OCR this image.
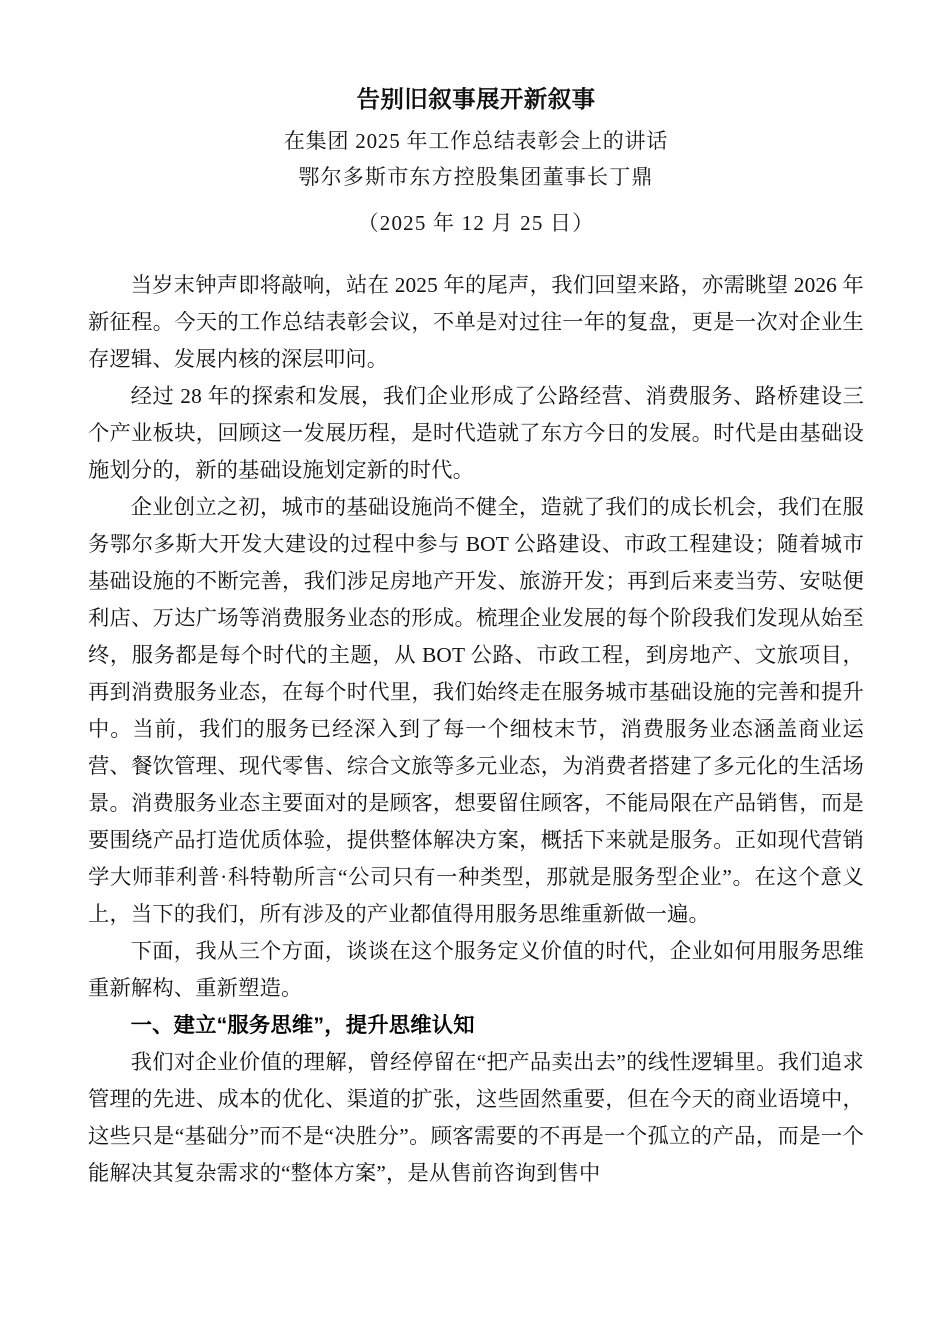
告别旧叙事展开新叙事

在集团 2025 年工作总结表彰会上的讲话

鄂尔多斯市东方控股集团董事长丁鼎

（2025 年 12 月 25 日）

当岁末钟声即将敲响，站在 2025 年的尾声，我们回望来路，亦需眺望 2026 年新征程。今天的工作总结表彰会议，不单是对过往一年的复盘，更是一次对企业生存逻辑、发展内核的深层叩问。

经过 28 年的探索和发展，我们企业形成了公路经营、消费服务、路桥建设三个产业板块，回顾这一发展历程，是时代造就了东方今日的发展。时代是由基础设施划分的，新的基础设施划定新的时代。

企业创立之初，城市的基础设施尚不健全，造就了我们的成长机会，我们在服务鄂尔多斯大开发大建设的过程中参与 BOT 公路建设、市政工程建设；随着城市基础设施的不断完善，我们涉足房地产开发、旅游开发；再到后来麦当劳、安哒便利店、万达广场等消费服务业态的形成。梳理企业发展的每个阶段我们发现从始至终，服务都是每个时代的主题，从 BOT 公路、市政工程，到房地产、文旅项目，再到消费服务业态，在每个时代里，我们始终走在服务城市基础设施的完善和提升中。当前，我们的服务已经深入到了每一个细枝末节，消费服务业态涵盖商业运营、餐饮管理、现代零售、综合文旅等多元业态，为消费者搭建了多元化的生活场景。消费服务业态主要面对的是顾客，想要留住顾客，不能局限在产品销售，而是要围绕产品打造优质体验，提供整体解决方案，概括下来就是服务。正如现代营销学大师菲利普·科特勒所言“公司只有一种类型，那就是服务型企业”。在这个意义上，当下的我们，所有涉及的产业都值得用服务思维重新做一遍。

下面，我从三个方面，谈谈在这个服务定义价值的时代，企业如何用服务思维重新解构、重新塑造。

一、建立“服务思维”，提升思维认知

我们对企业价值的理解，曾经停留在“把产品卖出去”的线性逻辑里。我们追求管理的先进、成本的优化、渠道的扩张，这些固然重要，但在今天的商业语境中，这些只是“基础分”而不是“决胜分”。顾客需要的不再是一个孤立的产品，而是一个能解决其复杂需求的“整体方案”，是从售前咨询到售中
